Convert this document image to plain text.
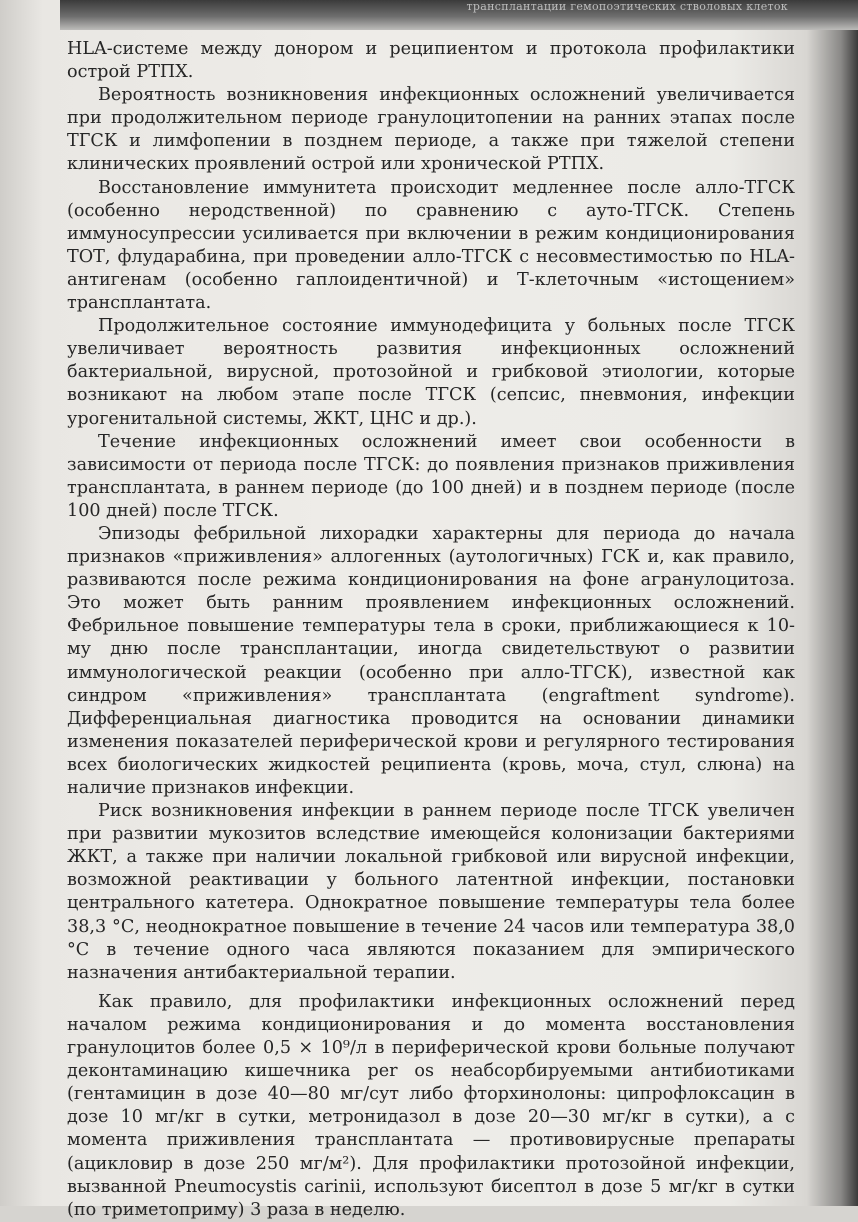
трансплантации гемопоэтических стволовых клеток

HLA-системе между донором и реципиентом и протокола профилактики острой РТПХ.

Вероятность возникновения инфекционных осложнений увеличивается при продолжительном периоде гранулоцитопении на ранних этапах после ТГСК и лимфопении в позднем периоде, а также при тяжелой степени клинических проявлений острой или хронической РТПХ.

Восстановление иммунитета происходит медленнее после алло-ТГСК (особенно неродственной) по сравнению с ауто-ТГСК. Степень иммуносупрессии усиливается при включении в режим кондиционирования ТОТ, флударабина, при проведении алло-ТГСК с несовместимостью по HLA-антигенам (особенно гаплоидентичной) и Т-клеточным «истощением» трансплантата.

Продолжительное состояние иммунодефицита у больных после ТГСК увеличивает вероятность развития инфекционных осложнений бактериальной, вирусной, протозойной и грибковой этиологии, которые возникают на любом этапе после ТГСК (сепсис, пневмония, инфекции урогенитальной системы, ЖКТ, ЦНС и др.).

Течение инфекционных осложнений имеет свои особенности в зависимости от периода после ТГСК: до появления признаков приживления трансплантата, в раннем периоде (до 100 дней) и в позднем периоде (после 100 дней) после ТГСК.

Эпизоды фебрильной лихорадки характерны для периода до начала признаков «приживления» аллогенных (аутологичных) ГСК и, как правило, развиваются после режима кондиционирования на фоне агранулоцитоза. Это может быть ранним проявлением инфекционных осложнений. Фебрильное повышение температуры тела в сроки, приближающиеся к 10-му дню после трансплантации, иногда свидетельствуют о развитии иммунологической реакции (особенно при алло-ТГСК), известной как синдром «приживления» трансплантата (engraftment syndrome). Дифференциальная диагностика проводится на основании динамики изменения показателей периферической крови и регулярного тестирования всех биологических жидкостей реципиента (кровь, моча, стул, слюна) на наличие признаков инфекции.

Риск возникновения инфекции в раннем периоде после ТГСК увеличен при развитии мукозитов вследствие имеющейся колонизации бактериями ЖКТ, а также при наличии локальной грибковой или вирусной инфекции, возможной реактивации у больного латентной инфекции, постановки центрального катетера. Однократное повышение температуры тела более 38,3 °С, неоднократное повышение в течение 24 часов или температура 38,0 °С в течение одного часа являются показанием для эмпирического назначения антибактериальной терапии.

Как правило, для профилактики инфекционных осложнений перед началом режима кондиционирования и до момента восстановления гранулоцитов более 0,5 × 10⁹/л в периферической крови больные получают деконтаминацию кишечника per os неабсорбируемыми антибиотиками (гентамицин в дозе 40—80 мг/сут либо фторхинолоны: ципрофлоксацин в дозе 10 мг/кг в сутки, метронидазол в дозе 20—30 мг/кг в сутки), а с момента приживления трансплантата — противовирусные препараты (ацикловир в дозе 250 мг/м²). Для профилактики протозойной инфекции, вызванной Pneumocystis carinii, используют бисептол в дозе 5 мг/кг в сутки (по триметоприму) 3 раза в неделю.
